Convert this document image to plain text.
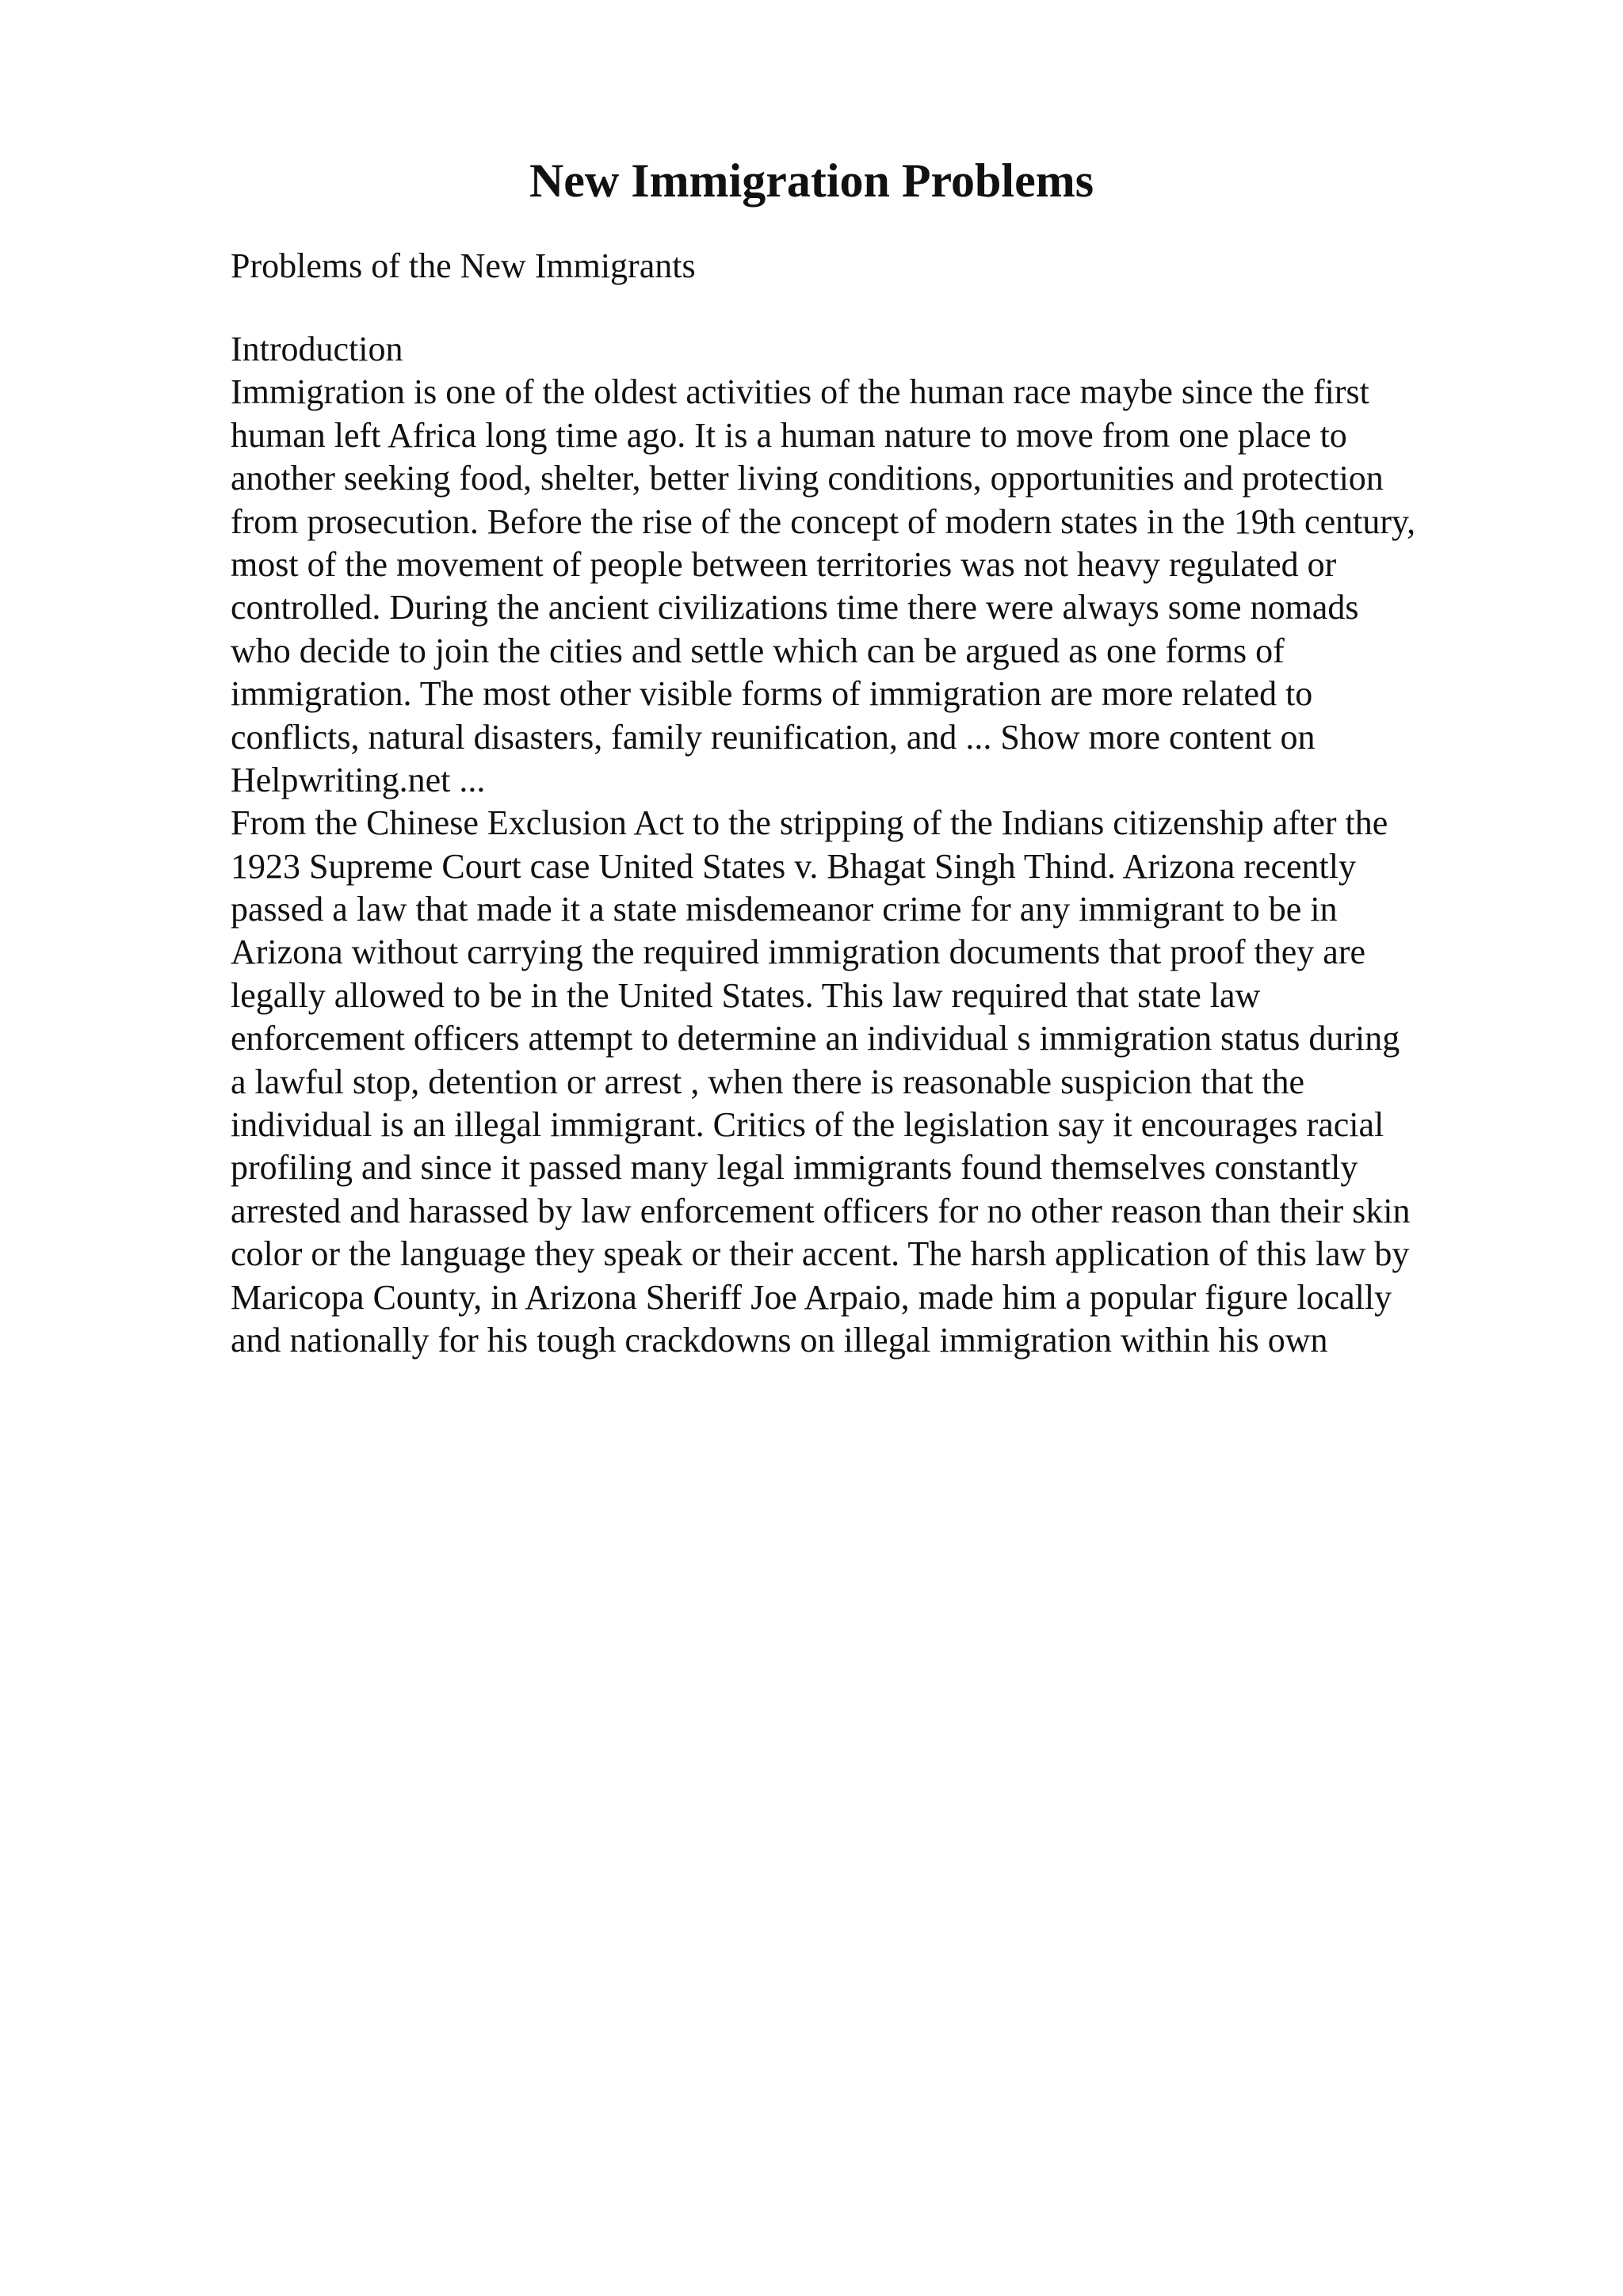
New Immigration Problems

Problems of the New Immigrants

Introduction
Immigration is one of the oldest activities of the human race maybe since the first
human left Africa long time ago. It is a human nature to move from one place to
another seeking food, shelter, better living conditions, opportunities and protection
from prosecution. Before the rise of the concept of modern states in the 19th century,
most of the movement of people between territories was not heavy regulated or
controlled. During the ancient civilizations time there were always some nomads
who decide to join the cities and settle which can be argued as one forms of
immigration. The most other visible forms of immigration are more related to
conflicts, natural disasters, family reunification, and ... Show more content on
Helpwriting.net ...
From the Chinese Exclusion Act to the stripping of the Indians citizenship after the
1923 Supreme Court case United States v. Bhagat Singh Thind. Arizona recently
passed a law that made it a state misdemeanor crime for any immigrant to be in
Arizona without carrying the required immigration documents that proof they are
legally allowed to be in the United States. This law required that state law
enforcement officers attempt to determine an individual s immigration status during
a lawful stop, detention or arrest , when there is reasonable suspicion that the
individual is an illegal immigrant. Critics of the legislation say it encourages racial
profiling and since it passed many legal immigrants found themselves constantly
arrested and harassed by law enforcement officers for no other reason than their skin
color or the language they speak or their accent. The harsh application of this law by
Maricopa County, in Arizona Sheriff Joe Arpaio, made him a popular figure locally
and nationally for his tough crackdowns on illegal immigration within his own
